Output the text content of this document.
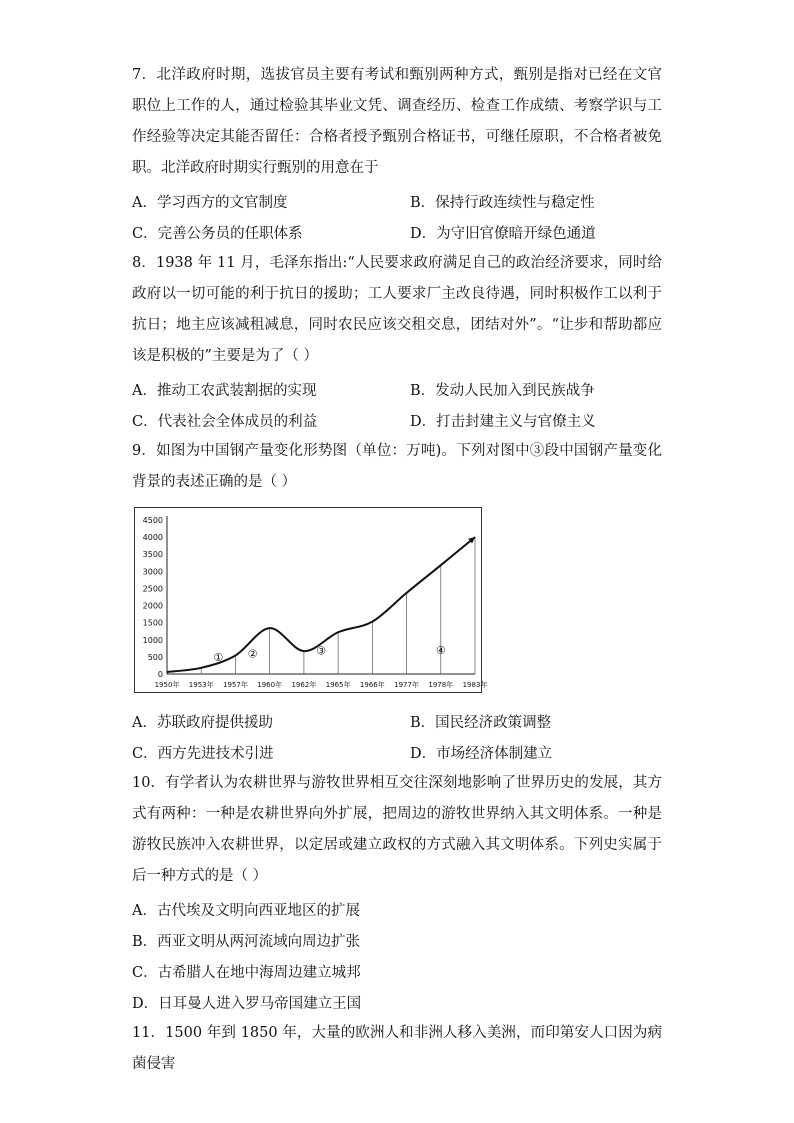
7．北洋政府时期，选拔官员主要有考试和甄别两种方式，甄别是指对已经在文官职位上工作的人，通过检验其毕业文凭、调查经历、检查工作成绩、考察学识与工作经验等决定其能否留任：合格者授予甄别合格证书，可继任原职，不合格者被免职。北洋政府时期实行甄别的用意在于
A．学习西方的文官制度	B．保持行政连续性与稳定性
C．完善公务员的任职体系	D．为守旧官僚暗开绿色通道
8．1938 年 11 月，毛泽东指出:“人民要求政府满足自己的政治经济要求，同时给政府以一切可能的利于抗日的援助；工人要求厂主改良待遇，同时积极作工以利于抗日；地主应该减租减息，同时农民应该交租交息，团结对外”。“让步和帮助都应该是积极的”主要是为了（ ）
A．推动工农武装割据的实现	B．发动人民加入到民族战争
C．代表社会全体成员的利益	D．打击封建主义与官僚主义
9．如图为中国钢产量变化形势图（单位：万吨)。下列对图中③段中国钢产量变化背景的表述正确的是（ ）
0
500
1000
1500
2000
2500
3000
3500
4000
4500
1950年 1953年 1957年 1960年 1962年 1965年 1966年 1977年 1978年 1983年
① ②	③	④
A．苏联政府提供援助	B．国民经济政策调整
C．西方先进技术引进	D．市场经济体制建立
10．有学者认为农耕世界与游牧世界相互交往深刻地影响了世界历史的发展，其方式有两种：一种是农耕世界向外扩展，把周边的游牧世界纳入其文明体系。一种是游牧民族冲入农耕世界，以定居或建立政权的方式融入其文明体系。下列史实属于后一种方式的是（ ）
A．古代埃及文明向西亚地区的扩展
B．西亚文明从两河流域向周边扩张
C．古希腊人在地中海周边建立城邦
D．日耳曼人进入罗马帝国建立王国
11．1500 年到 1850 年，大量的欧洲人和非洲人移入美洲，而印第安人口因为病菌侵害
